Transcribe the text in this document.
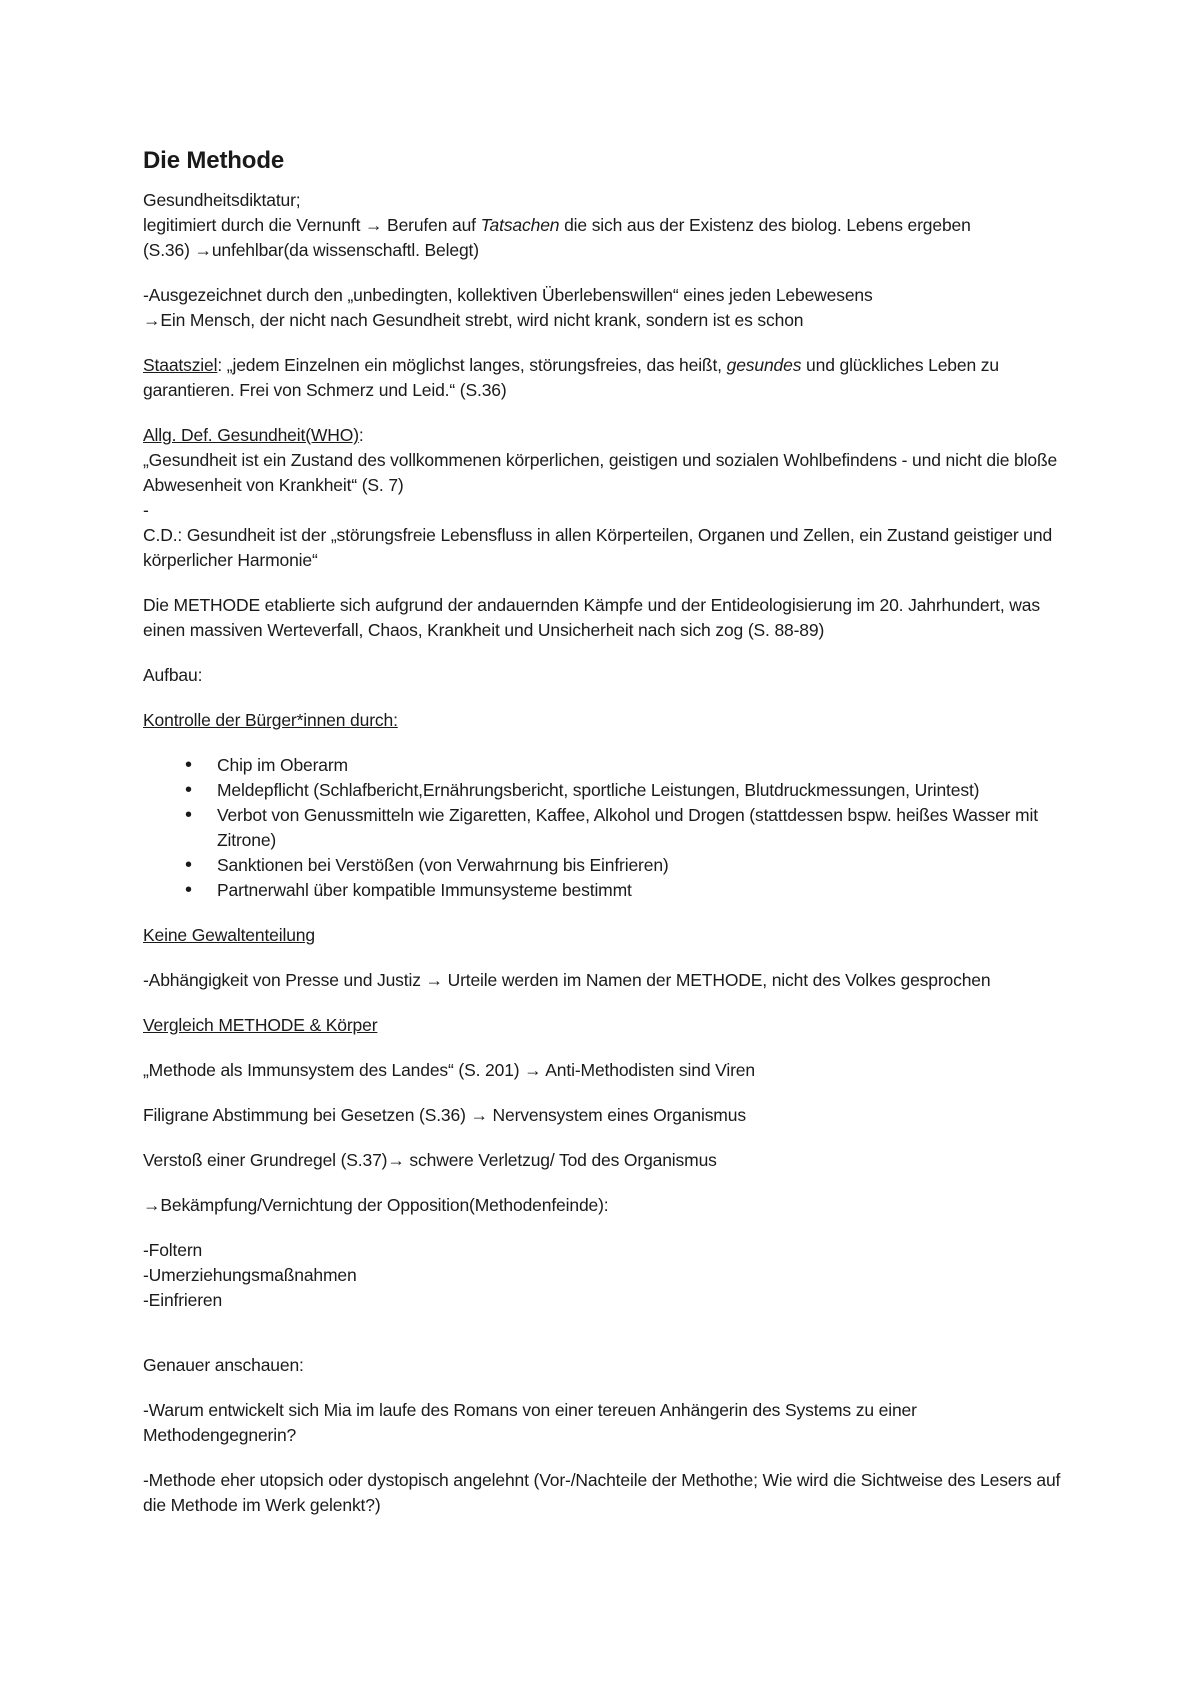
Die Methode

Gesundheitsdiktatur;
legitimiert durch die Vernunft → Berufen auf Tatsachen die sich aus der Existenz des biolog. Lebens ergeben
(S.36) →unfehlbar(da wissenschaftl. Belegt)

-Ausgezeichnet durch den „unbedingten, kollektiven Überlebenswillen“ eines jeden Lebewesens
→Ein Mensch, der nicht nach Gesundheit strebt, wird nicht krank, sondern ist es schon

Staatsziel: „jedem Einzelnen ein möglichst langes, störungsfreies, das heißt, gesundes und glückliches Leben zu garantieren. Frei von Schmerz und Leid.“ (S.36)

Allg. Def. Gesundheit(WHO):
„Gesundheit ist ein Zustand des vollkommenen körperlichen, geistigen und sozialen Wohlbefindens - und nicht die bloße Abwesenheit von Krankheit“ (S. 7)
-

C.D.: Gesundheit ist der „störungsfreie Lebensfluss in allen Körperteilen, Organen und Zellen, ein Zustand geistiger und körperlicher Harmonie“

Die METHODE etablierte sich aufgrund der andauernden Kämpfe und der Entideologisierung im 20. Jahrhundert, was einen massiven Werteverfall, Chaos, Krankheit und Unsicherheit nach sich zog (S. 88-89)

Aufbau:

Kontrolle der Bürger*innen durch:

• Chip im Oberarm
• Meldepflicht (Schlafbericht,Ernährungsbericht, sportliche Leistungen, Blutdruckmessungen, Urintest)
• Verbot von Genussmitteln wie Zigaretten, Kaffee, Alkohol und Drogen (stattdessen bspw. heißes Wasser mit Zitrone)
• Sanktionen bei Verstößen (von Verwahrnung bis Einfrieren)
• Partnerwahl über kompatible Immunsysteme bestimmt

Keine Gewaltenteilung

-Abhängigkeit von Presse und Justiz → Urteile werden im Namen der METHODE, nicht des Volkes gesprochen

Vergleich METHODE & Körper

„Methode als Immunsystem des Landes“ (S. 201) → Anti-Methodisten sind Viren

Filigrane Abstimmung bei Gesetzen (S.36) → Nervensystem eines Organismus

Verstoß einer Grundregel (S.37)→ schwere Verletzug/ Tod des Organismus

→Bekämpfung/Vernichtung der Opposition(Methodenfeinde):

-Foltern
-Umerziehungsmaßnahmen
-Einfrieren

Genauer anschauen:

-Warum entwickelt sich Mia im laufe des Romans von einer tereuen Anhängerin des Systems zu einer Methodengegnerin?

-Methode eher utopsich oder dystopisch angelehnt (Vor-/Nachteile der Methothe; Wie wird die Sichtweise des Lesers auf die Methode im Werk gelenkt?)
